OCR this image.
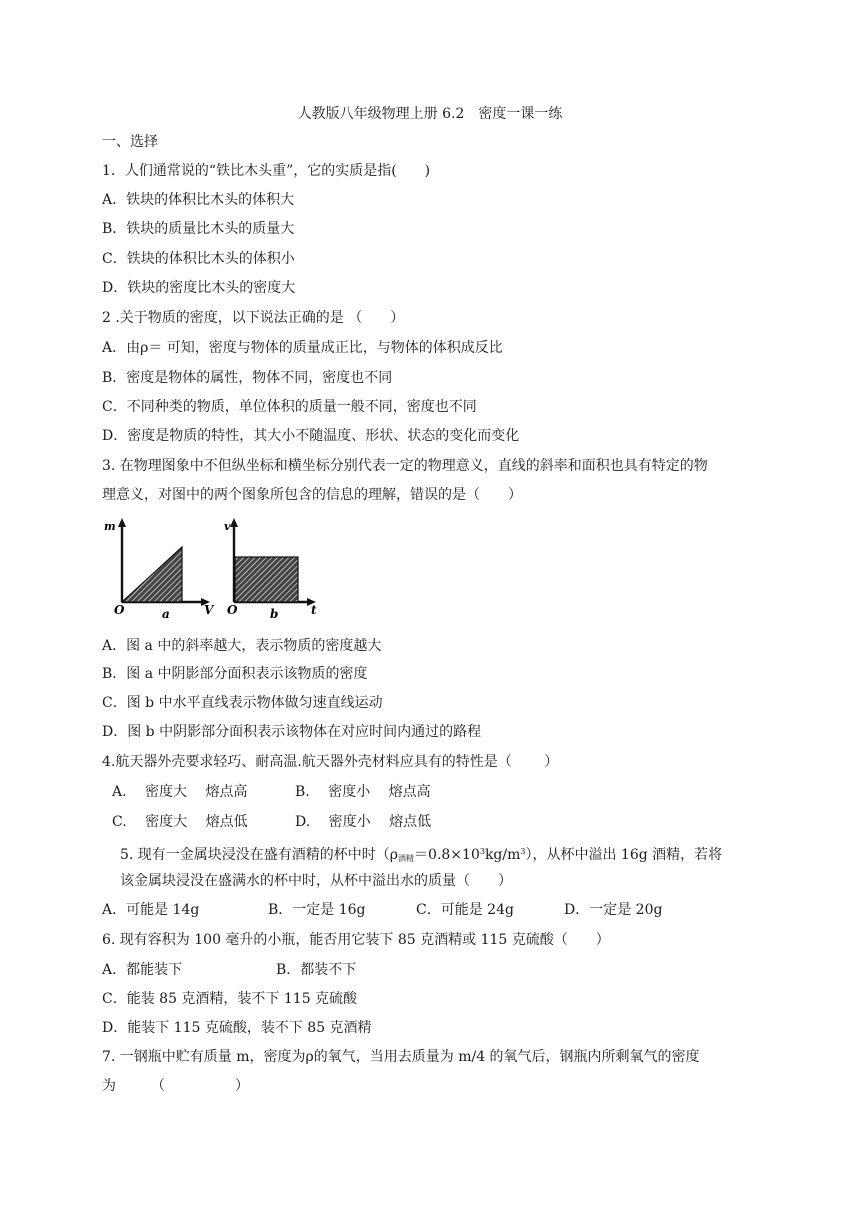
人教版八年级物理上册 6.2　密度一课一练
一、选择
1．人们通常说的“铁比木头重”，它的实质是指(　　)
A．铁块的体积比木头的体积大
B．铁块的质量比木头的质量大
C．铁块的体积比木头的体积小
D．铁块的密度比木头的密度大
2 .关于物质的密度，以下说法正确的是 （　　）
A．由ρ＝ 可知，密度与物体的质量成正比，与物体的体积成反比
B．密度是物体的属性，物体不同，密度也不同
C．不同种类的物质，单位体积的质量一般不同，密度也不同
D．密度是物质的特性，其大小不随温度、形状、状态的变化而变化
3. 在物理图象中不但纵坐标和横坐标分别代表一定的物理意义，直线的斜率和面积也具有特定的物
理意义，对图中的两个图象所包含的信息的理解，错误的是（　　）
m
O	V
a
v
O	t
b
A．图 a 中的斜率越大，表示物质的密度越大
B．图 a 中阴影部分面积表示该物质的密度
C．图 b 中水平直线表示物体做匀速直线运动
D．图 b 中阴影部分面积表示该物体在对应时间内通过的路程
4.航天器外壳要求轻巧、耐高温.航天器外壳材料应具有的特性是（　　 ）
A.　 密度大　 熔点高	B.　 密度小　 熔点高
C.　 密度大　 熔点低	D.　 密度小　 熔点低
5. 现有一金属块浸没在盛有酒精的杯中时$(\rho_{酒精}=0.8\times 10^3kg/m^3)$，从杯中溢出 16g 酒精，若将
该金属块浸没在盛满水的杯中时，从杯中溢出水的质量（　　）
A．可能是 14g	B．一定是 16g	C．可能是 24g	D．一定是 20g
6. 现有容积为 100 毫升的小瓶，能否用它装下 85 克酒精或 115 克硫酸（　　）
A．都能装下	B．都装不下
C．能装 85 克酒精，装不下 115 克硫酸
D．能装下 115 克硫酸，装不下 85 克酒精
7. 一钢瓶中贮有质量 m，密度为ρ的氧气，当用去质量为 m/4 的氧气后，钢瓶内所剩氧气的密度
为　　　（　　　　　）
